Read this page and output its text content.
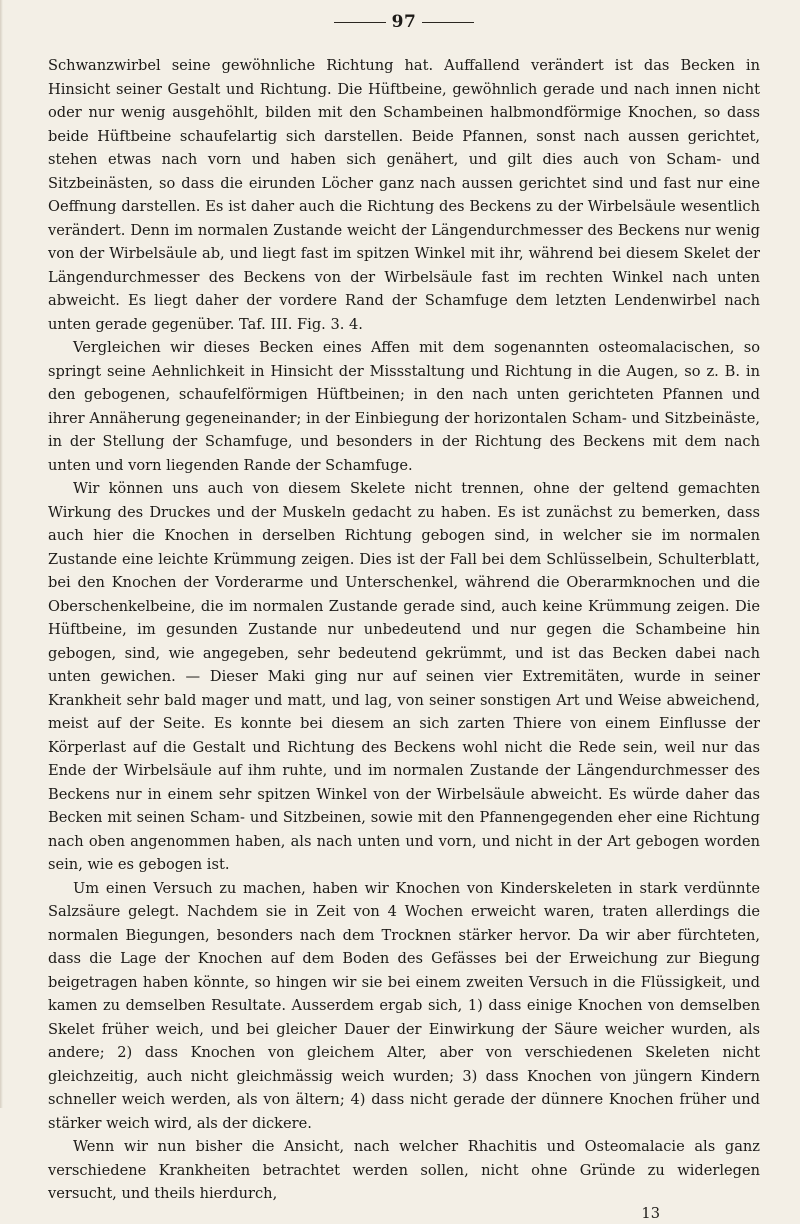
97

Schwanzwirbel seine gewöhnliche Richtung hat. Auffallend verändert ist das Becken in Hinsicht seiner Gestalt und Richtung. Die Hüftbeine, gewöhnlich gerade und nach innen nicht oder nur wenig ausgehöhlt, bilden mit den Schambeinen halbmondförmige Knochen, so dass beide Hüftbeine schaufelartig sich darstellen. Beide Pfannen, sonst nach aussen gerichtet, stehen etwas nach vorn und haben sich genähert, und gilt dies auch von Scham- und Sitzbeinästen, so dass die eirunden Löcher ganz nach aussen gerichtet sind und fast nur eine Oeffnung darstellen. Es ist daher auch die Richtung des Beckens zu der Wirbelsäule wesentlich verändert. Denn im normalen Zustande weicht der Längendurchmesser des Beckens nur wenig von der Wirbelsäule ab, und liegt fast im spitzen Winkel mit ihr, während bei diesem Skelet der Längendurchmesser des Beckens von der Wirbelsäule fast im rechten Winkel nach unten abweicht. Es liegt daher der vordere Rand der Schamfuge dem letzten Lendenwirbel nach unten gerade gegenüber. Taf. III. Fig. 3. 4.

Vergleichen wir dieses Becken eines Affen mit dem sogenannten osteomalacischen, so springt seine Aehnlichkeit in Hinsicht der Missstaltung und Richtung in die Augen, so z. B. in den gebogenen, schaufelförmigen Hüftbeinen; in den nach unten gerichteten Pfannen und ihrer Annäherung gegeneinander; in der Einbiegung der horizontalen Scham- und Sitzbeinäste, in der Stellung der Schamfuge, und besonders in der Richtung des Beckens mit dem nach unten und vorn liegenden Rande der Schamfuge.

Wir können uns auch von diesem Skelete nicht trennen, ohne der geltend gemachten Wirkung des Druckes und der Muskeln gedacht zu haben. Es ist zunächst zu bemerken, dass auch hier die Knochen in derselben Richtung gebogen sind, in welcher sie im normalen Zustande eine leichte Krümmung zeigen. Dies ist der Fall bei dem Schlüsselbein, Schulterblatt, bei den Knochen der Vorderarme und Unterschenkel, während die Oberarmknochen und die Oberschenkelbeine, die im normalen Zustande gerade sind, auch keine Krümmung zeigen. Die Hüftbeine, im gesunden Zustande nur unbedeutend und nur gegen die Schambeine hin gebogen, sind, wie angegeben, sehr bedeutend gekrümmt, und ist das Becken dabei nach unten gewichen. — Dieser Maki ging nur auf seinen vier Extremitäten, wurde in seiner Krankheit sehr bald mager und matt, und lag, von seiner sonstigen Art und Weise abweichend, meist auf der Seite. Es konnte bei diesem an sich zarten Thiere von einem Einflusse der Körperlast auf die Gestalt und Richtung des Beckens wohl nicht die Rede sein, weil nur das Ende der Wirbelsäule auf ihm ruhte, und im normalen Zustande der Längendurchmesser des Beckens nur in einem sehr spitzen Winkel von der Wirbelsäule abweicht. Es würde daher das Becken mit seinen Scham- und Sitzbeinen, sowie mit den Pfannengegenden eher eine Richtung nach oben angenommen haben, als nach unten und vorn, und nicht in der Art gebogen worden sein, wie es gebogen ist.

Um einen Versuch zu machen, haben wir Knochen von Kinderskeleten in stark verdünnte Salzsäure gelegt. Nachdem sie in Zeit von 4 Wochen erweicht waren, traten allerdings die normalen Biegungen, besonders nach dem Trocknen stärker hervor. Da wir aber fürchteten, dass die Lage der Knochen auf dem Boden des Gefässes bei der Erweichung zur Biegung beigetragen haben könnte, so hingen wir sie bei einem zweiten Versuch in die Flüssigkeit, und kamen zu demselben Resultate. Ausserdem ergab sich, 1) dass einige Knochen von demselben Skelet früher weich, und bei gleicher Dauer der Einwirkung der Säure weicher wurden, als andere; 2) dass Knochen von gleichem Alter, aber von verschiedenen Skeleten nicht gleichzeitig, auch nicht gleichmässig weich wurden; 3) dass Knochen von jüngern Kindern schneller weich werden, als von ältern; 4) dass nicht gerade der dünnere Knochen früher und stärker weich wird, als der dickere.

Wenn wir nun bisher die Ansicht, nach welcher Rhachitis und Osteomalacie als ganz verschiedene Krankheiten betrachtet werden sollen, nicht ohne Gründe zu widerlegen versucht, und theils hierdurch,

13
